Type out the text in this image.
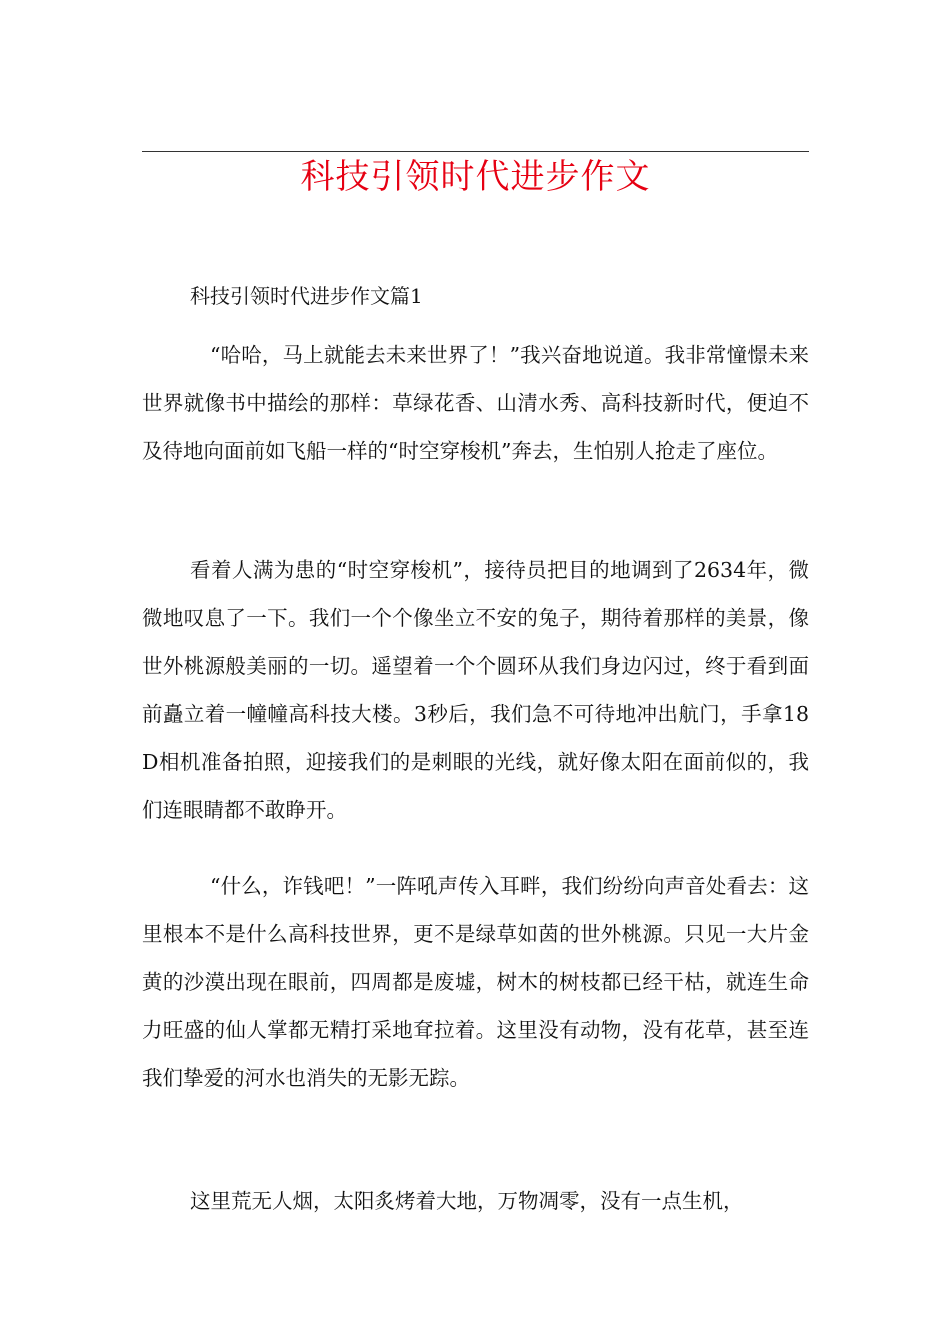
科技引领时代进步作文

科技引领时代进步作文篇1

“哈哈，马上就能去未来世界了！”我兴奋地说道。我非常憧憬未来世界就像书中描绘的那样：草绿花香、山清水秀、高科技新时代，便迫不及待地向面前如飞船一样的“时空穿梭机”奔去，生怕别人抢走了座位。

看着人满为患的“时空穿梭机”，接待员把目的地调到了2634年，微微地叹息了一下。我们一个个像坐立不安的兔子，期待着那样的美景，像世外桃源般美丽的一切。遥望着一个个圆环从我们身边闪过，终于看到面前矗立着一幢幢高科技大楼。3秒后，我们急不可待地冲出航门，手拿18D相机准备拍照，迎接我们的是刺眼的光线，就好像太阳在面前似的，我们连眼睛都不敢睁开。

“什么，诈钱吧！”一阵吼声传入耳畔，我们纷纷向声音处看去：这里根本不是什么高科技世界，更不是绿草如茵的世外桃源。只见一大片金黄的沙漠出现在眼前，四周都是废墟，树木的树枝都已经干枯，就连生命力旺盛的仙人掌都无精打采地耷拉着。这里没有动物，没有花草，甚至连我们挚爱的河水也消失的无影无踪。

这里荒无人烟，太阳炙烤着大地，万物凋零，没有一点生机，
